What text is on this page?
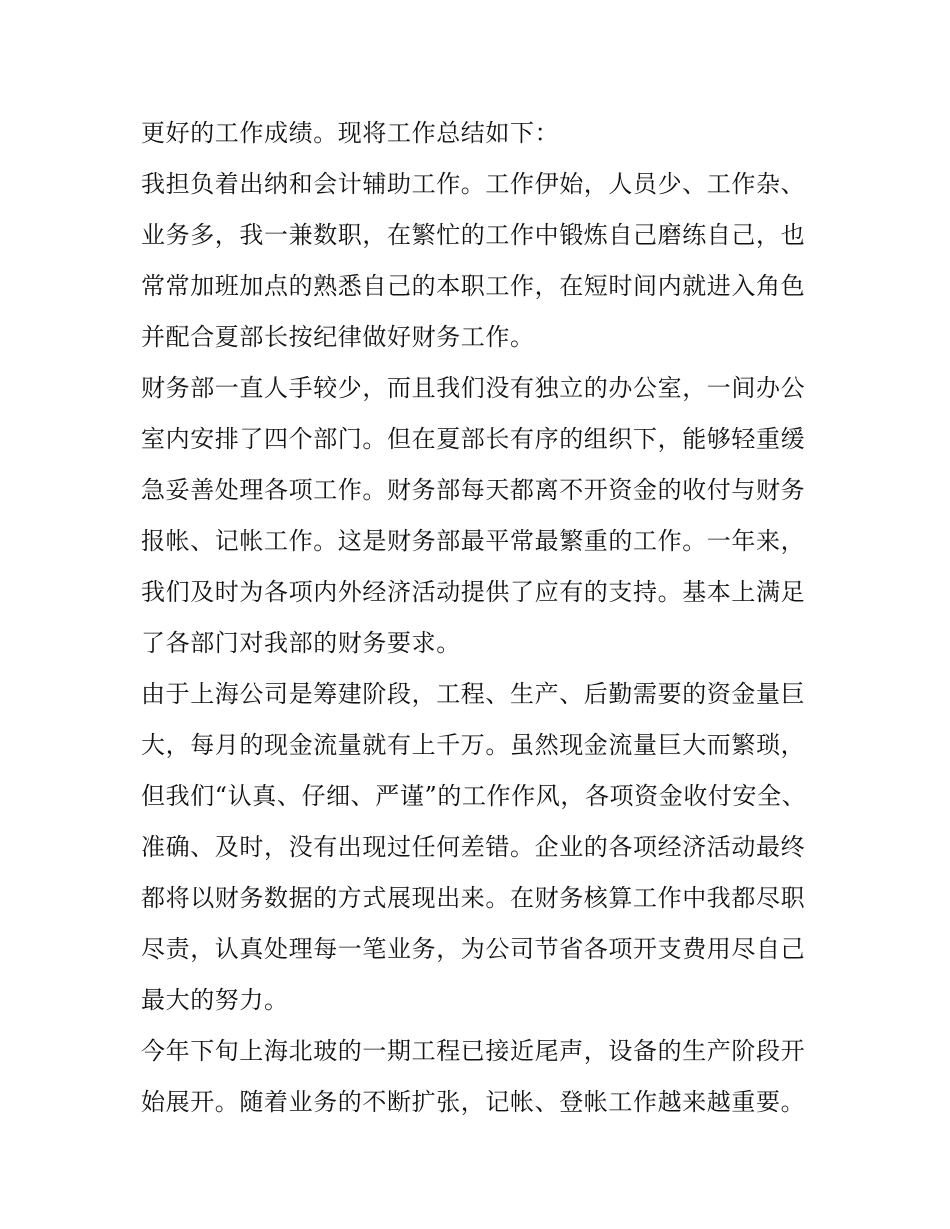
更好的工作成绩。现将工作总结如下：
我担负着出纳和会计辅助工作。工作伊始，人员少、工作杂、
业务多，我一兼数职，在繁忙的工作中锻炼自己磨练自己，也
常常加班加点的熟悉自己的本职工作，在短时间内就进入角色
并配合夏部长按纪律做好财务工作。
财务部一直人手较少，而且我们没有独立的办公室，一间办公
室内安排了四个部门。但在夏部长有序的组织下，能够轻重缓
急妥善处理各项工作。财务部每天都离不开资金的收付与财务
报帐、记帐工作。这是财务部最平常最繁重的工作。一年来，
我们及时为各项内外经济活动提供了应有的支持。基本上满足
了各部门对我部的财务要求。
由于上海公司是筹建阶段，工程、生产、后勤需要的资金量巨
大，每月的现金流量就有上千万。虽然现金流量巨大而繁琐，
但我们“认真、仔细、严谨”的工作作风，各项资金收付安全、
准确、及时，没有出现过任何差错。企业的各项经济活动最终
都将以财务数据的方式展现出来。在财务核算工作中我都尽职
尽责，认真处理每一笔业务，为公司节省各项开支费用尽自己
最大的努力。
今年下旬上海北玻的一期工程已接近尾声，设备的生产阶段开
始展开。随着业务的不断扩张，记帐、登帐工作越来越重要。
